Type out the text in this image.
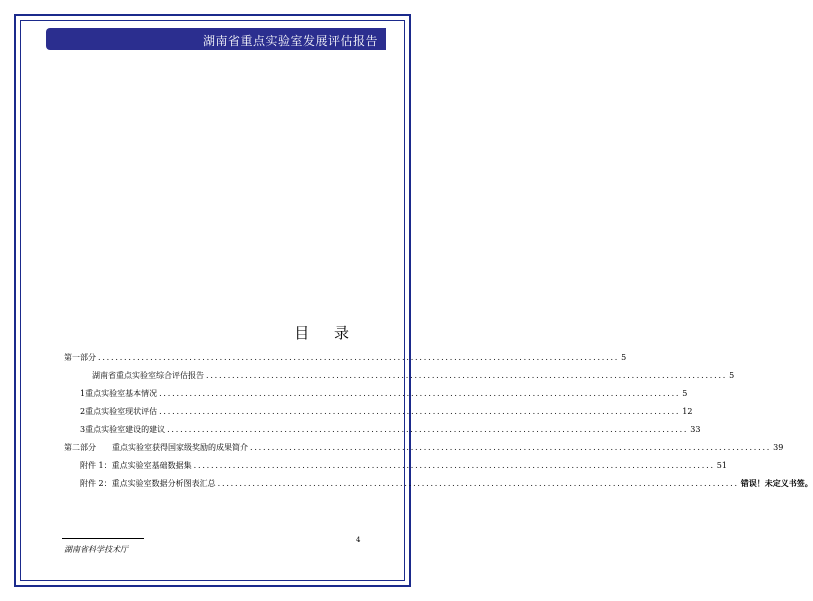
湖南省重点实验室发展评估报告
目 录
第一部分 ........................................................................................................................ 5
湖南省重点实验室综合评估报告 ........................................................................................................................ 5
1 重点实验室基本情况 ........................................................................................................................ 5
2 重点实验室现状评估 ........................................................................................................................ 12
3 重点实验室建设的建议 ........................................................................................................................ 33
第二部分　　重点实验室获得国家级奖励的成果简介 ........................................................................................................................ 39
附件 1：重点实验室基础数据集 ........................................................................................................................ 51
附件 2：重点实验室数据分析图表汇总 ........................................................................................................................ 错误！未定义书签。
湖南省科学技术厅
4
